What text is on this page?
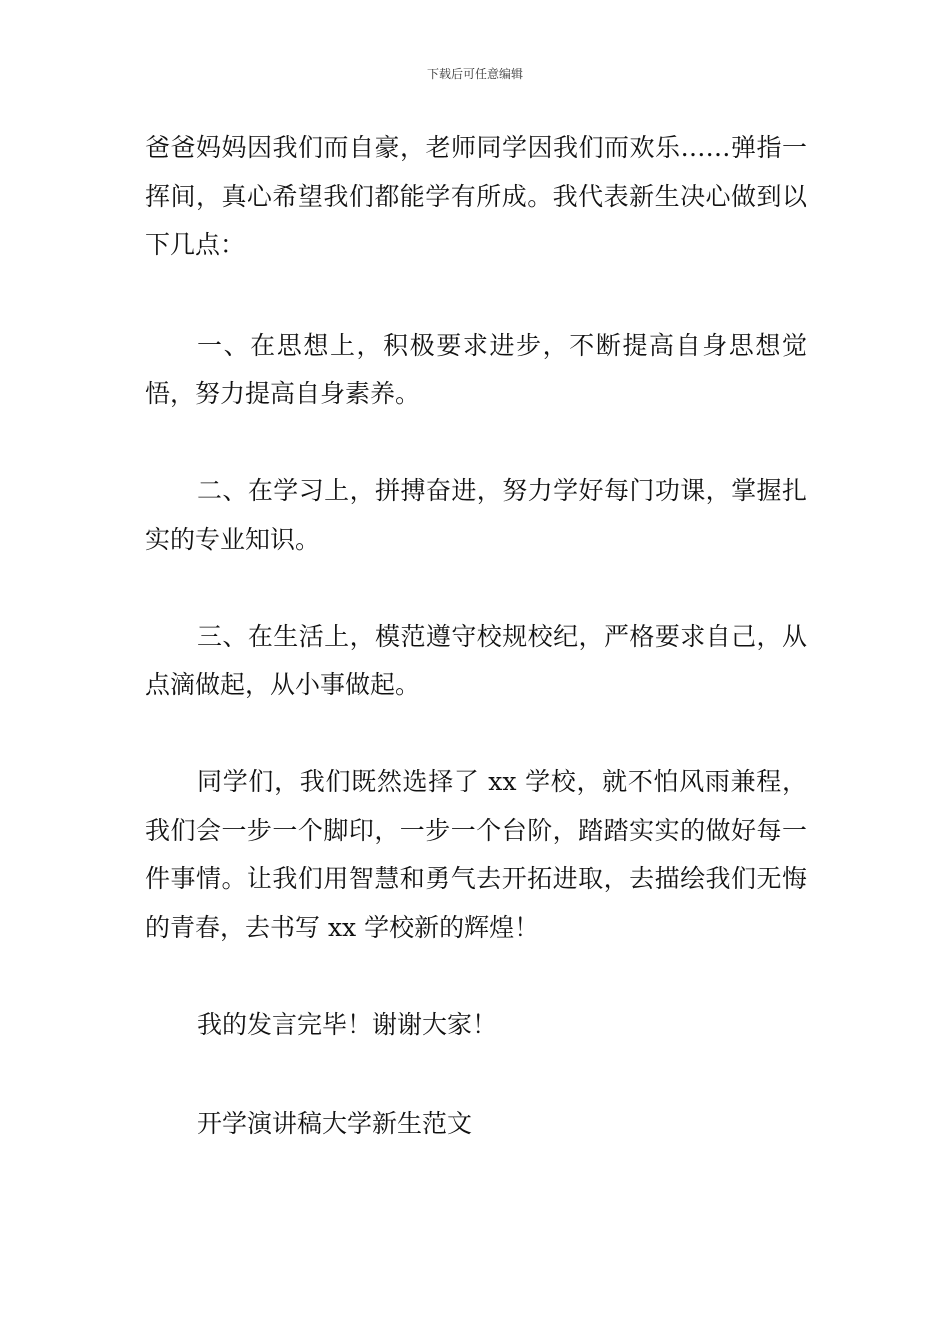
下载后可任意编辑

爸爸妈妈因我们而自豪，老师同学因我们而欢乐……弹指一挥间，真心希望我们都能学有所成。我代表新生决心做到以下几点：

一、在思想上，积极要求进步，不断提高自身思想觉悟，努力提高自身素养。

二、在学习上，拼搏奋进，努力学好每门功课，掌握扎实的专业知识。

三、在生活上，模范遵守校规校纪，严格要求自己，从点滴做起，从小事做起。

同学们，我们既然选择了 xx 学校，就不怕风雨兼程，我们会一步一个脚印，一步一个台阶，踏踏实实的做好每一件事情。让我们用智慧和勇气去开拓进取，去描绘我们无悔的青春，去书写 xx 学校新的辉煌！

我的发言完毕！谢谢大家！

开学演讲稿大学新生范文
